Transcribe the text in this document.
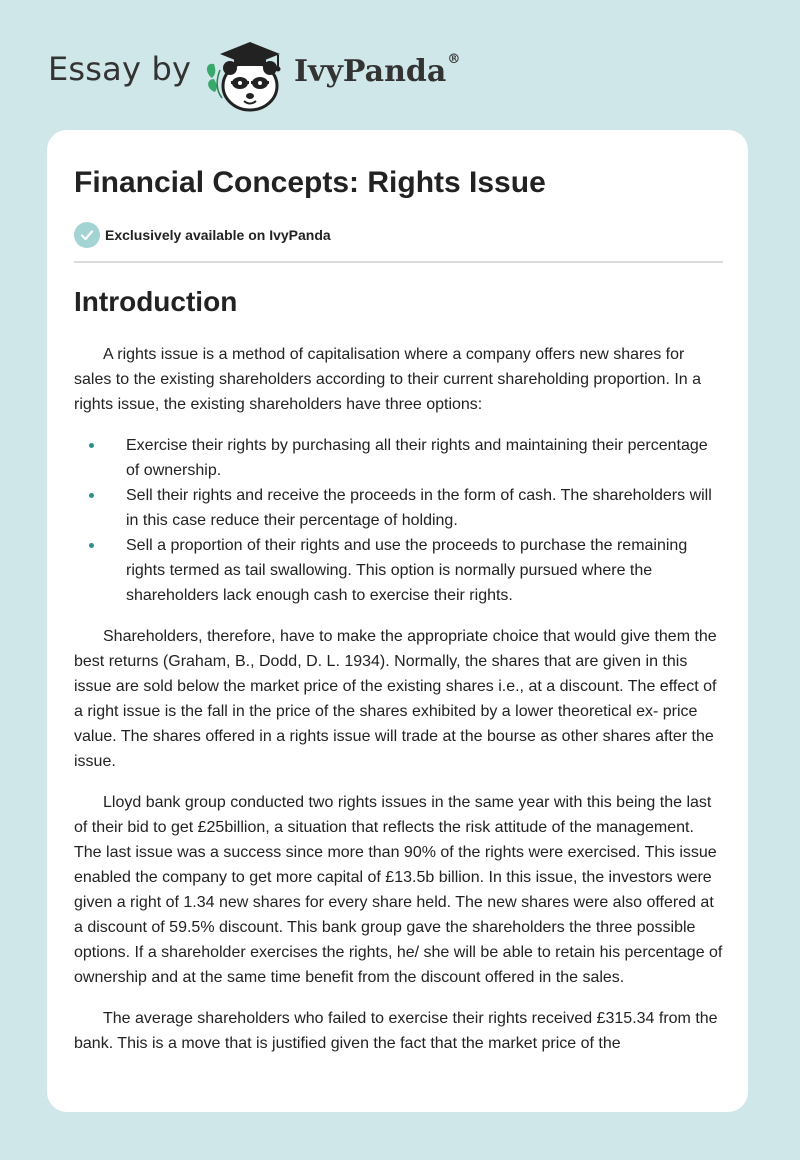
Essay by	IvyPanda®
Financial Concepts: Rights Issue
Exclusively available on IvyPanda
Introduction

A rights issue is a method of capitalisation where a company offers new shares for sales to the existing shareholders according to their current shareholding proportion. In a rights issue, the existing shareholders have three options:

Exercise their rights by purchasing all their rights and maintaining their percentage of ownership.
Sell their rights and receive the proceeds in the form of cash. The shareholders will in this case reduce their percentage of holding.
Sell a proportion of their rights and use the proceeds to purchase the remaining rights termed as tail swallowing. This option is normally pursued where the shareholders lack enough cash to exercise their rights.

Shareholders, therefore, have to make the appropriate choice that would give them the best returns (Graham, B., Dodd, D. L. 1934). Normally, the shares that are given in this issue are sold below the market price of the existing shares i.e., at a discount. The effect of a right issue is the fall in the price of the shares exhibited by a lower theoretical ex- price value. The shares offered in a rights issue will trade at the bourse as other shares after the issue.

Lloyd bank group conducted two rights issues in the same year with this being the last of their bid to get £25billion, a situation that reflects the risk attitude of the management. The last issue was a success since more than 90% of the rights were exercised. This issue enabled the company to get more capital of £13.5b billion. In this issue, the investors were given a right of 1.34 new shares for every share held. The new shares were also offered at a discount of 59.5% discount. This bank group gave the shareholders the three possible options. If a shareholder exercises the rights, he/ she will be able to retain his percentage of ownership and at the same time benefit from the discount offered in the sales.

The average shareholders who failed to exercise their rights received £315.34 from the bank. This is a move that is justified given the fact that the market price of the
